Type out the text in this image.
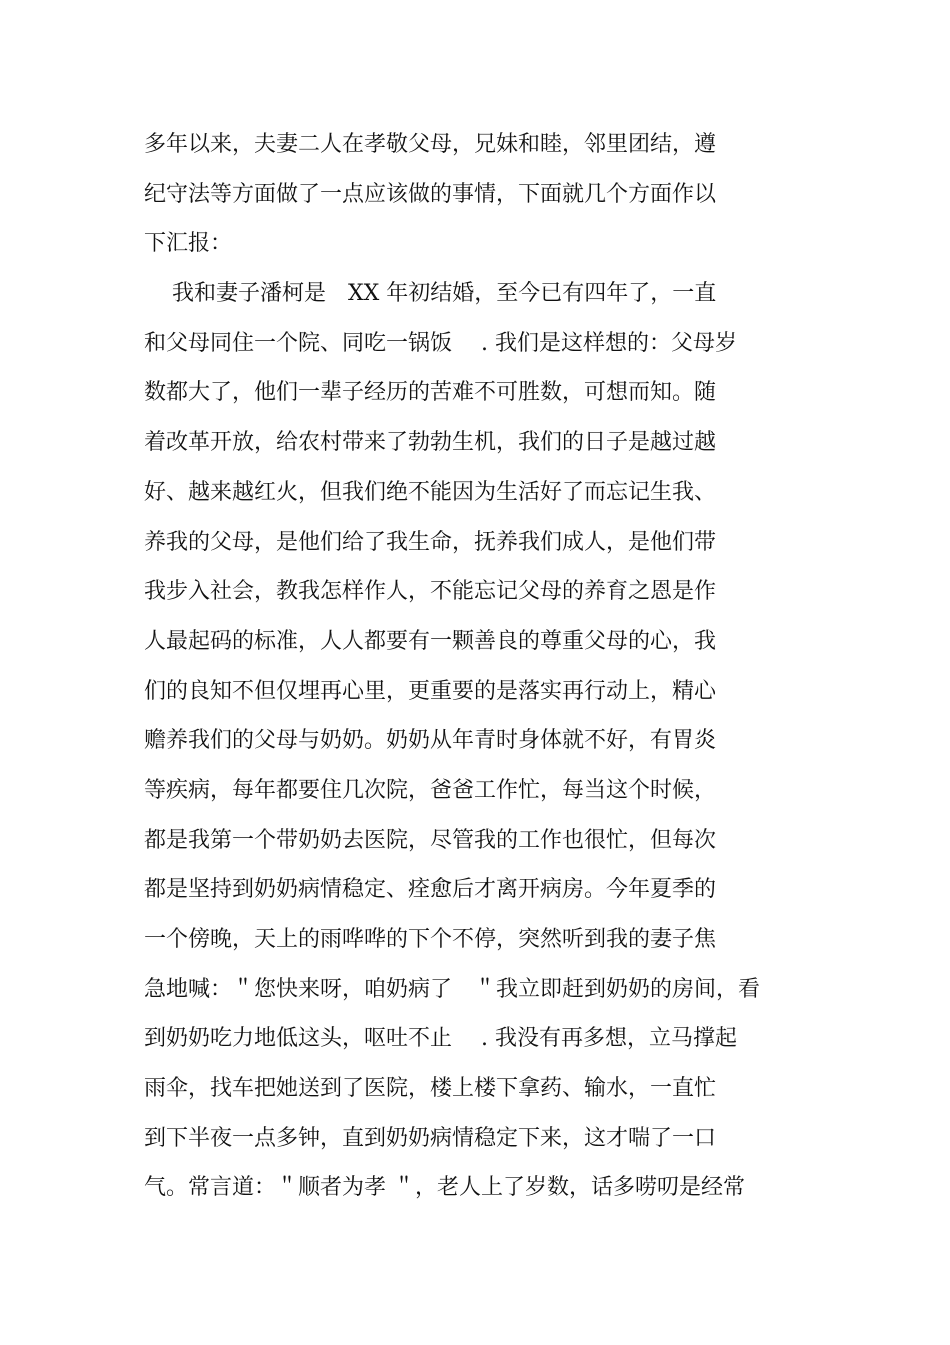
多年以来，夫妻二人在孝敬父母，兄妹和睦，邻里团结，遵
纪守法等方面做了一点应该做的事情，下面就几个方面作以
下汇报：
我和妻子潘柯是　XX 年初结婚，至今已有四年了，一直
和父母同住一个院、同吃一锅饭　 . 我们是这样想的：父母岁
数都大了，他们一辈子经历的苦难不可胜数，可想而知。随
着改革开放，给农村带来了勃勃生机，我们的日子是越过越
好、越来越红火，但我们绝不能因为生活好了而忘记生我、
养我的父母，是他们给了我生命，抚养我们成人，是他们带
我步入社会，教我怎样作人，不能忘记父母的养育之恩是作
人最起码的标准，人人都要有一颗善良的尊重父母的心，我
们的良知不但仅埋再心里，更重要的是落实再行动上，精心
赡养我们的父母与奶奶。奶奶从年青时身体就不好，有胃炎
等疾病，每年都要住几次院，爸爸工作忙，每当这个时候，
都是我第一个带奶奶去医院，尽管我的工作也很忙，但每次
都是坚持到奶奶病情稳定、痊愈后才离开病房。今年夏季的
一个傍晚，天上的雨哗哗的下个不停，突然听到我的妻子焦
急地喊：＂您快来呀，咱奶病了　＂我立即赶到奶奶的房间，看
到奶奶吃力地低这头，呕吐不止　 . 我没有再多想，立马撑起
雨伞，找车把她送到了医院，楼上楼下拿药、输水，一直忙
到下半夜一点多钟，直到奶奶病情稳定下来，这才喘了一口
气。常言道：＂顺者为孝 ＂，老人上了岁数，话多唠叨是经常
